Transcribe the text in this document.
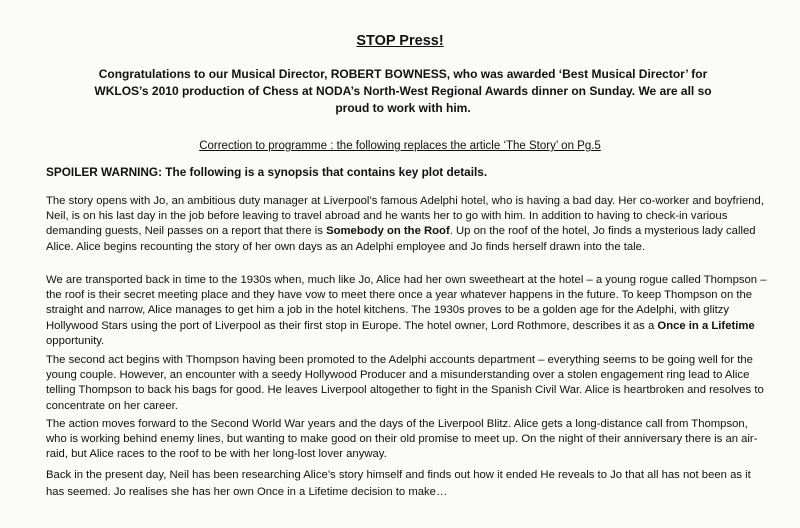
STOP Press!
Congratulations to our Musical Director, ROBERT BOWNESS, who was awarded ‘Best Musical Director’ for WKLOS’s 2010 production of Chess at NODA’s North-West Regional Awards dinner on Sunday. We are all so proud to work with him.
Correction to programme : the following replaces the article ‘The Story’ on Pg.5

SPOILER WARNING: The following is a synopsis that contains key plot details.

The story opens with Jo, an ambitious duty manager at Liverpool’s famous Adelphi hotel, who is having a bad day. Her co-worker and boyfriend, Neil, is on his last day in the job before leaving to travel abroad and he wants her to go with him. In addition to having to check-in various demanding guests, Neil passes on a report that there is Somebody on the Roof. Up on the roof of the hotel, Jo finds a mysterious lady called Alice. Alice begins recounting the story of her own days as an Adelphi employee and Jo finds herself drawn into the tale.

We are transported back in time to the 1930s when, much like Jo, Alice had her own sweetheart at the hotel – a young rogue called Thompson – the roof is their secret meeting place and they have vow to meet there once a year whatever happens in the future. To keep Thompson on the straight and narrow, Alice manages to get him a job in the hotel kitchens. The 1930s proves to be a golden age for the Adelphi, with glitzy Hollywood Stars using the port of Liverpool as their first stop in Europe. The hotel owner, Lord Rothmore, describes it as a Once in a Lifetime opportunity.

The second act begins with Thompson having been promoted to the Adelphi accounts department – everything seems to be going well for the young couple. However, an encounter with a seedy Hollywood Producer and a misunderstanding over a stolen engagement ring lead to Alice telling Thompson to back his bags for good. He leaves Liverpool altogether to fight in the Spanish Civil War. Alice is heartbroken and resolves to concentrate on her career.

The action moves forward to the Second World War years and the days of the Liverpool Blitz. Alice gets a long-distance call from Thompson, who is working behind enemy lines, but wanting to make good on their old promise to meet up. On the night of their anniversary there is an air-raid, but Alice races to the roof to be with her long-lost lover anyway.

Back in the present day, Neil has been researching Alice’s story himself and finds out how it ended He reveals to Jo that all has not been as it has seemed. Jo realises she has her own Once in a Lifetime decision to make…
